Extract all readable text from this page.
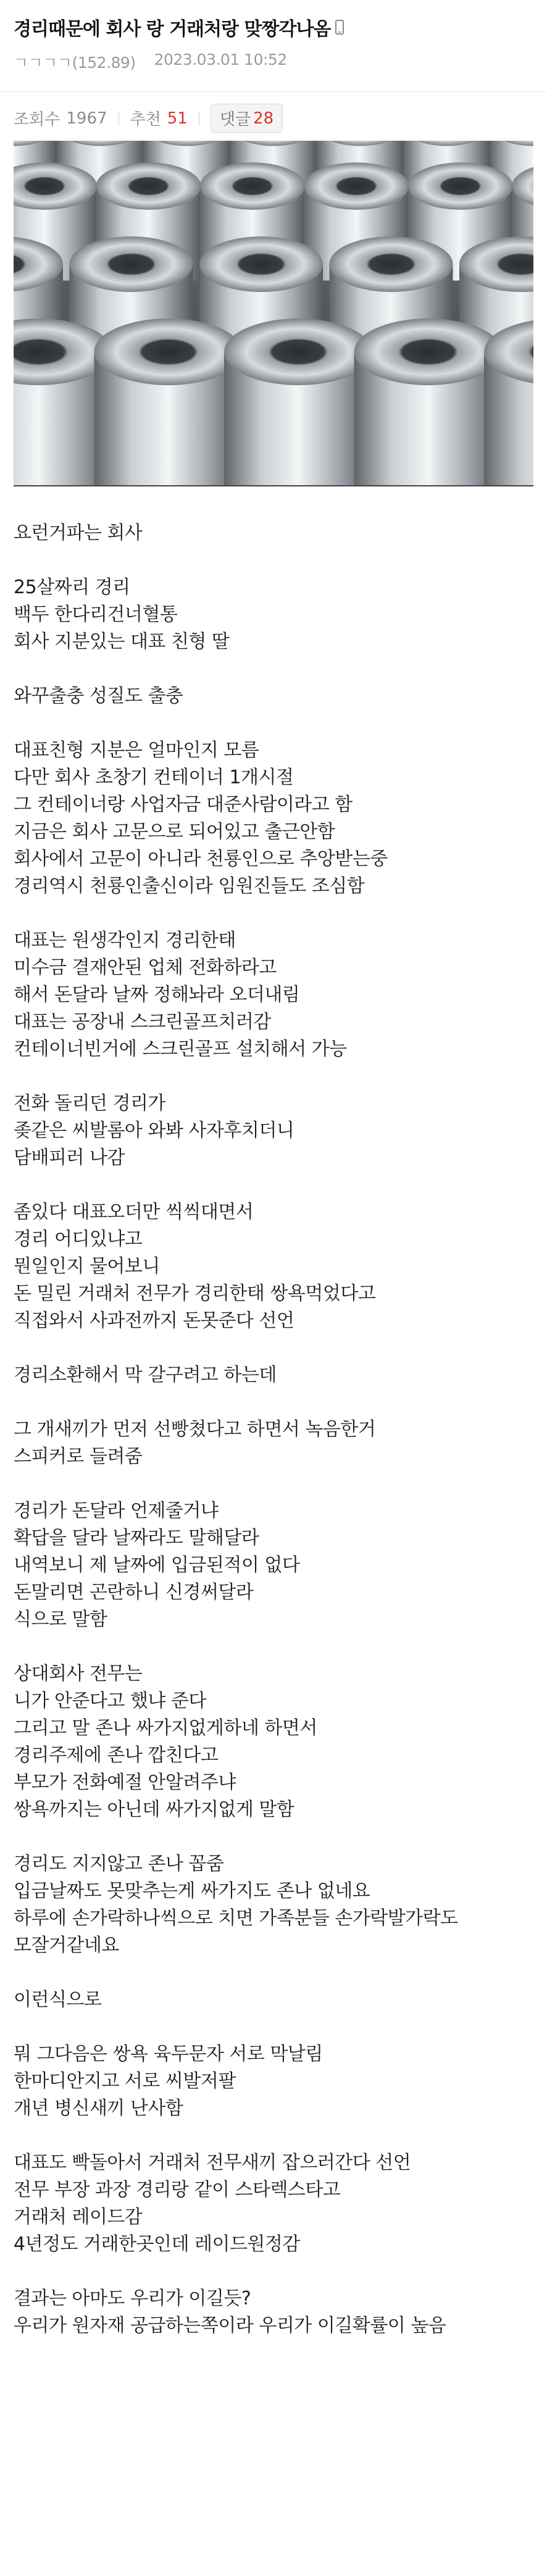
경리때문에 회사 랑 거래처랑 맞짱각나옴
ㄱㄱㄱㄱ(152.89) 2023.03.01 10:52
조회수 1967 추천 51 댓글 28
요런거파는 회사
25살짜리 경리
백두 한다리건너혈통
회사 지분있는 대표 친형 딸
와꾸출충 성질도 출충
대표친형 지분은 얼마인지 모름
다만 회사 초창기 컨테이너 1개시절
그 컨테이너랑 사업자금 대준사람이라고 함
지금은 회사 고문으로 되어있고 출근안함
회사에서 고문이 아니라 천룡인으로 추앙받는중
경리역시 천룡인출신이라 임원진들도 조심함
대표는 원생각인지 경리한태
미수금 결재안된 업체 전화하라고
해서 돈달라 날짜 정해놔라 오더내림
대표는 공장내 스크린골프치러감
컨테이너빈거에 스크린골프 설치해서 가능
전화 돌리던 경리가
좆같은 씨발롬아 와봐 사자후치더니
담배피러 나감
좀있다 대표오더만 씩씩대면서
경리 어디있냐고
뭔일인지 물어보니
돈 밀린 거래처 전무가 경리한태 쌍욕먹었다고
직접와서 사과전까지 돈못준다 선언
경리소환해서 막 갈구려고 하는데
그 개새끼가 먼저 선빵쳤다고 하면서 녹음한거
스피커로 들려줌
경리가 돈달라 언제줄거냐
확답을 달라 날짜라도 말해달라
내역보니 제 날짜에 입금된적이 없다
돈말리면 곤란하니 신경써달라
식으로 말함
상대회사 전무는
니가 안준다고 했냐 준다
그리고 말 존나 싸가지없게하네 하면서
경리주제에 존나 깝친다고
부모가 전화예절 안알려주냐
쌍욕까지는 아닌데 싸가지없게 말함
경리도 지지않고 존나 꼽줌
입금날짜도 못맞추는게 싸가지도 존나 없네요
하루에 손가락하나씩으로 치면 가족분들 손가락발가락도
모잘거같네요
이런식으로
뭐 그다음은 쌍욕 육두문자 서로 막날림
한마디안지고 서로 씨발저팔
개년 병신새끼 난사함
대표도 빡돌아서 거래처 전무새끼 잡으러간다 선언
전무 부장 과장 경리랑 같이 스타렉스타고
거래처 레이드감
4년정도 거래한곳인데 레이드원정감
결과는 아마도 우리가 이길듯?
우리가 원자재 공급하는쪽이라 우리가 이길확률이 높음
